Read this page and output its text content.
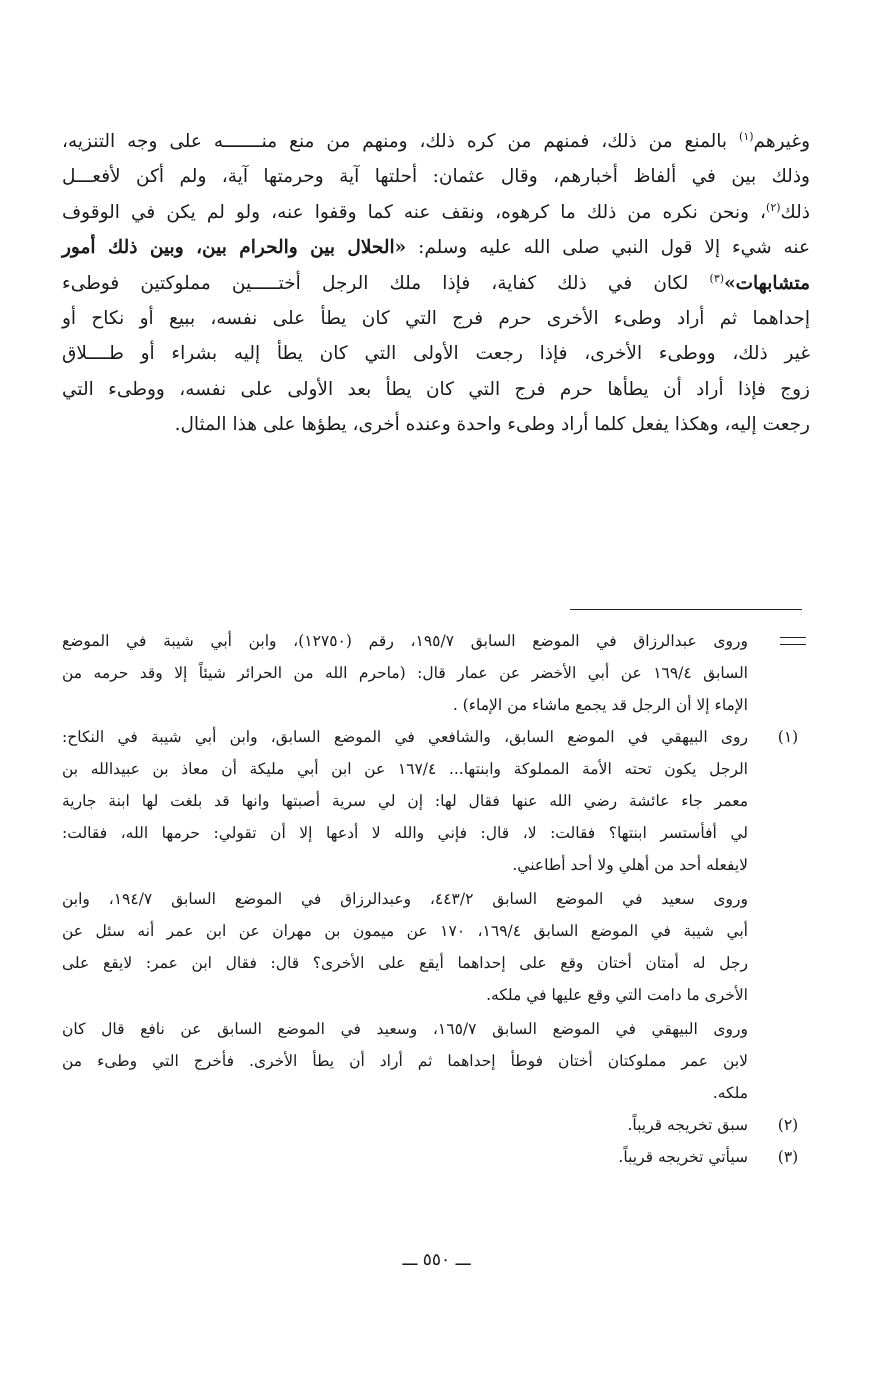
وغيرهم$^{(١)}$ بالمنع من ذلك، فمنهم من كره ذلك، ومنهم من منع منـــــــه على وجه التنزيه،
وذلك بين في ألفاظ أخبارهم، وقال عثمان: أحلتها آية وحرمتها آية، ولم أكن لأفعـــل
ذلك$^{(٢)}$، ونحن نكره من ذلك ما كرهوه، ونقف عنه كما وقفوا عنه، ولو لم يكن في الوقوف
عنه شيء إلا قول النبي صلى الله عليه وسلم: «الحلال بين والحرام بين، وبين ذلك أمور
متشابهات»$^{(٣)}$ لكان في ذلك كفاية، فإذا ملك الرجل أختـــــين مملوكتين فوطىء
إحداهما ثم أراد وطىء الأخرى حرم فرج التي كان يطأ على نفسه، ببيع أو نكاح أو
غير ذلك، ووطىء الأخرى، فإذا رجعت الأولى التي كان يطأ إليه بشراء أو طــــلاق
زوج فإذا أراد أن يطأها حرم فرج التي كان يطأ بعد الأولى على نفسه، ووطىء التي
رجعت إليه، وهكذا يفعل كلما أراد وطىء واحدة وعنده أخرى، يطؤها على هذا المثال.
وروى عبدالرزاق في الموضع السابق ١٩٥/٧، رقم (١٢٧٥٠)، وابن أبي شيبة في الموضع
السابق ١٦٩/٤ عن أبي الأخضر عن عمار قال: (ماحرم الله من الحرائر شيئاً إلا وقد حرمه من
الإماء إلا أن الرجل قد يجمع ماشاء من الإماء) .
(١)
روى البيهقي في الموضع السابق، والشافعي في الموضع السابق، وابن أبي شيبة في النكاح:
الرجل يكون تحته الأمة المملوكة وابنتها... ١٦٧/٤ عن ابن أبي مليكة أن معاذ بن عبيدالله بن
معمر جاء عائشة رضي الله عنها فقال لها: إن لي سرية أصبتها وانها قد بلغت لها ابنة جارية
لي أفأستسر ابنتها؟ فقالت: لا، قال: فإني والله لا أدعها إلا أن تقولي: حرمها الله، فقالت:
لايفعله أحد من أهلي ولا أحد أطاعني.
وروى سعيد في الموضع السابق ٤٤٣/٢، وعبدالرزاق في الموضع السابق ١٩٤/٧، وابن
أبي شيبة في الموضع السابق ١٦٩/٤، ١٧٠ عن ميمون بن مهران عن ابن عمر أنه سئل عن
رجل له أمتان أختان وقع على إحداهما أيقع على الأخرى؟ قال: فقال ابن عمر: لايقع على
الأخرى ما دامت التي وقع عليها في ملكه.
وروى البيهقي في الموضع السابق ١٦٥/٧، وسعيد في الموضع السابق عن نافع قال كان
لابن عمر مملوكتان أختان فوطأ إحداهما ثم أراد أن يطأ الأخرى. فأخرج التي وطىء من
ملكه.
(٢)
سبق تخريجه قريباً.
(٣)
سيأتي تخريجه قريباً.
ـــ ٥٥٠ ـــ
